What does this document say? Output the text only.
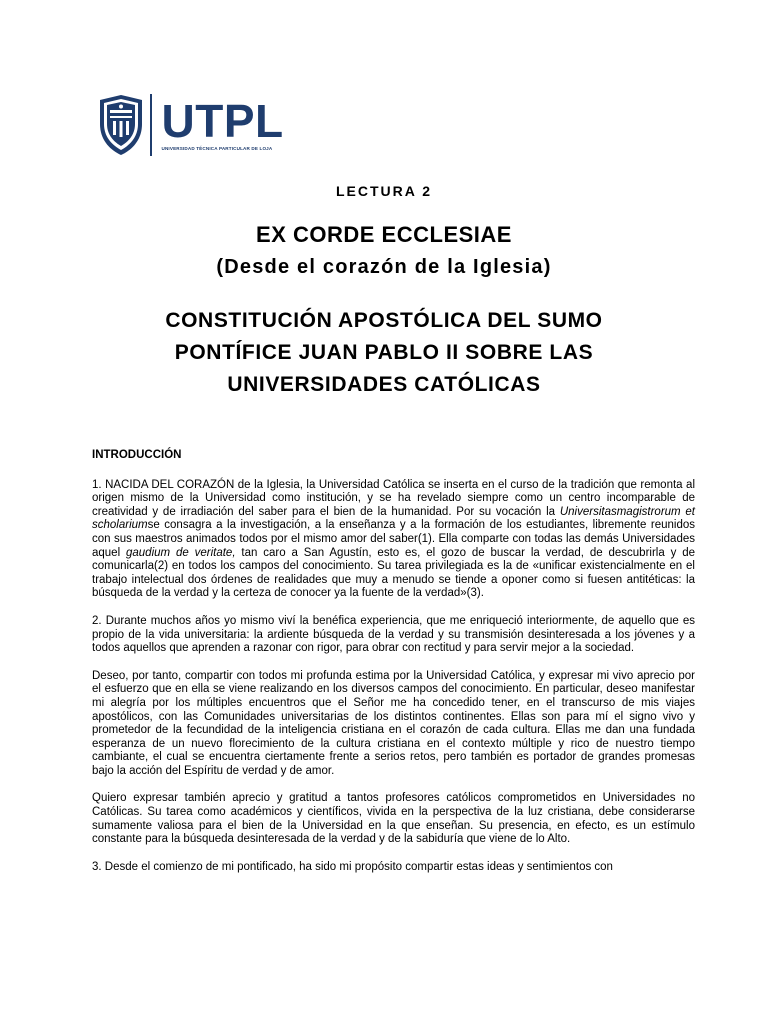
UTPL
UNIVERSIDAD TÉCNICA PARTICULAR DE LOJA
LECTURA 2
EX CORDE ECCLESIAE
(Desde el corazón de la Iglesia)
CONSTITUCIÓN APOSTÓLICA DEL SUMO
PONTÍFICE JUAN PABLO II SOBRE LAS
UNIVERSIDADES CATÓLICAS

INTRODUCCIÓN

1. NACIDA DEL CORAZÓN de la Iglesia, la Universidad Católica se inserta en el curso de la tradición que remonta al origen mismo de la Universidad como institución, y se ha revelado siempre como un centro incomparable de creatividad y de irradiación del saber para el bien de la humanidad. Por su vocación la Universitasmagistrorum et scholariumse consagra a la investigación, a la enseñanza y a la formación de los estudiantes, libremente reunidos con sus maestros animados todos por el mismo amor del saber(1). Ella comparte con todas las demás Universidades aquel gaudium de veritate, tan caro a San Agustín, esto es, el gozo de buscar la verdad, de descubrirla y de comunicarla(2) en todos los campos del conocimiento. Su tarea privilegiada es la de «unificar existencialmente en el trabajo intelectual dos órdenes de realidades que muy a menudo se tiende a oponer como si fuesen antitéticas: la búsqueda de la verdad y la certeza de conocer ya la fuente de la verdad»(3).

2. Durante muchos años yo mismo viví la benéfica experiencia, que me enriqueció interiormente, de aquello que es propio de la vida universitaria: la ardiente búsqueda de la verdad y su transmisión desinteresada a los jóvenes y a todos aquellos que aprenden a razonar con rigor, para obrar con rectitud y para servir mejor a la sociedad.

Deseo, por tanto, compartir con todos mi profunda estima por la Universidad Católica, y expresar mi vivo aprecio por el esfuerzo que en ella se viene realizando en los diversos campos del conocimiento. En particular, deseo manifestar mi alegría por los múltiples encuentros que el Señor me ha concedido tener, en el transcurso de mis viajes apostólicos, con las Comunidades universitarias de los distintos continentes. Ellas son para mí el signo vivo y prometedor de la fecundidad de la inteligencia cristiana en el corazón de cada cultura. Ellas me dan una fundada esperanza de un nuevo florecimiento de la cultura cristiana en el contexto múltiple y rico de nuestro tiempo cambiante, el cual se encuentra ciertamente frente a serios retos, pero también es portador de grandes promesas bajo la acción del Espíritu de verdad y de amor.

Quiero expresar también aprecio y gratitud a tantos profesores católicos comprometidos en Universidades no Católicas. Su tarea como académicos y científicos, vivida en la perspectiva de la luz cristiana, debe considerarse sumamente valiosa para el bien de la Universidad en la que enseñan. Su presencia, en efecto, es un estímulo constante para la búsqueda desinteresada de la verdad y de la sabiduría que viene de lo Alto.

3. Desde el comienzo de mi pontificado, ha sido mi propósito compartir estas ideas y sentimientos con
